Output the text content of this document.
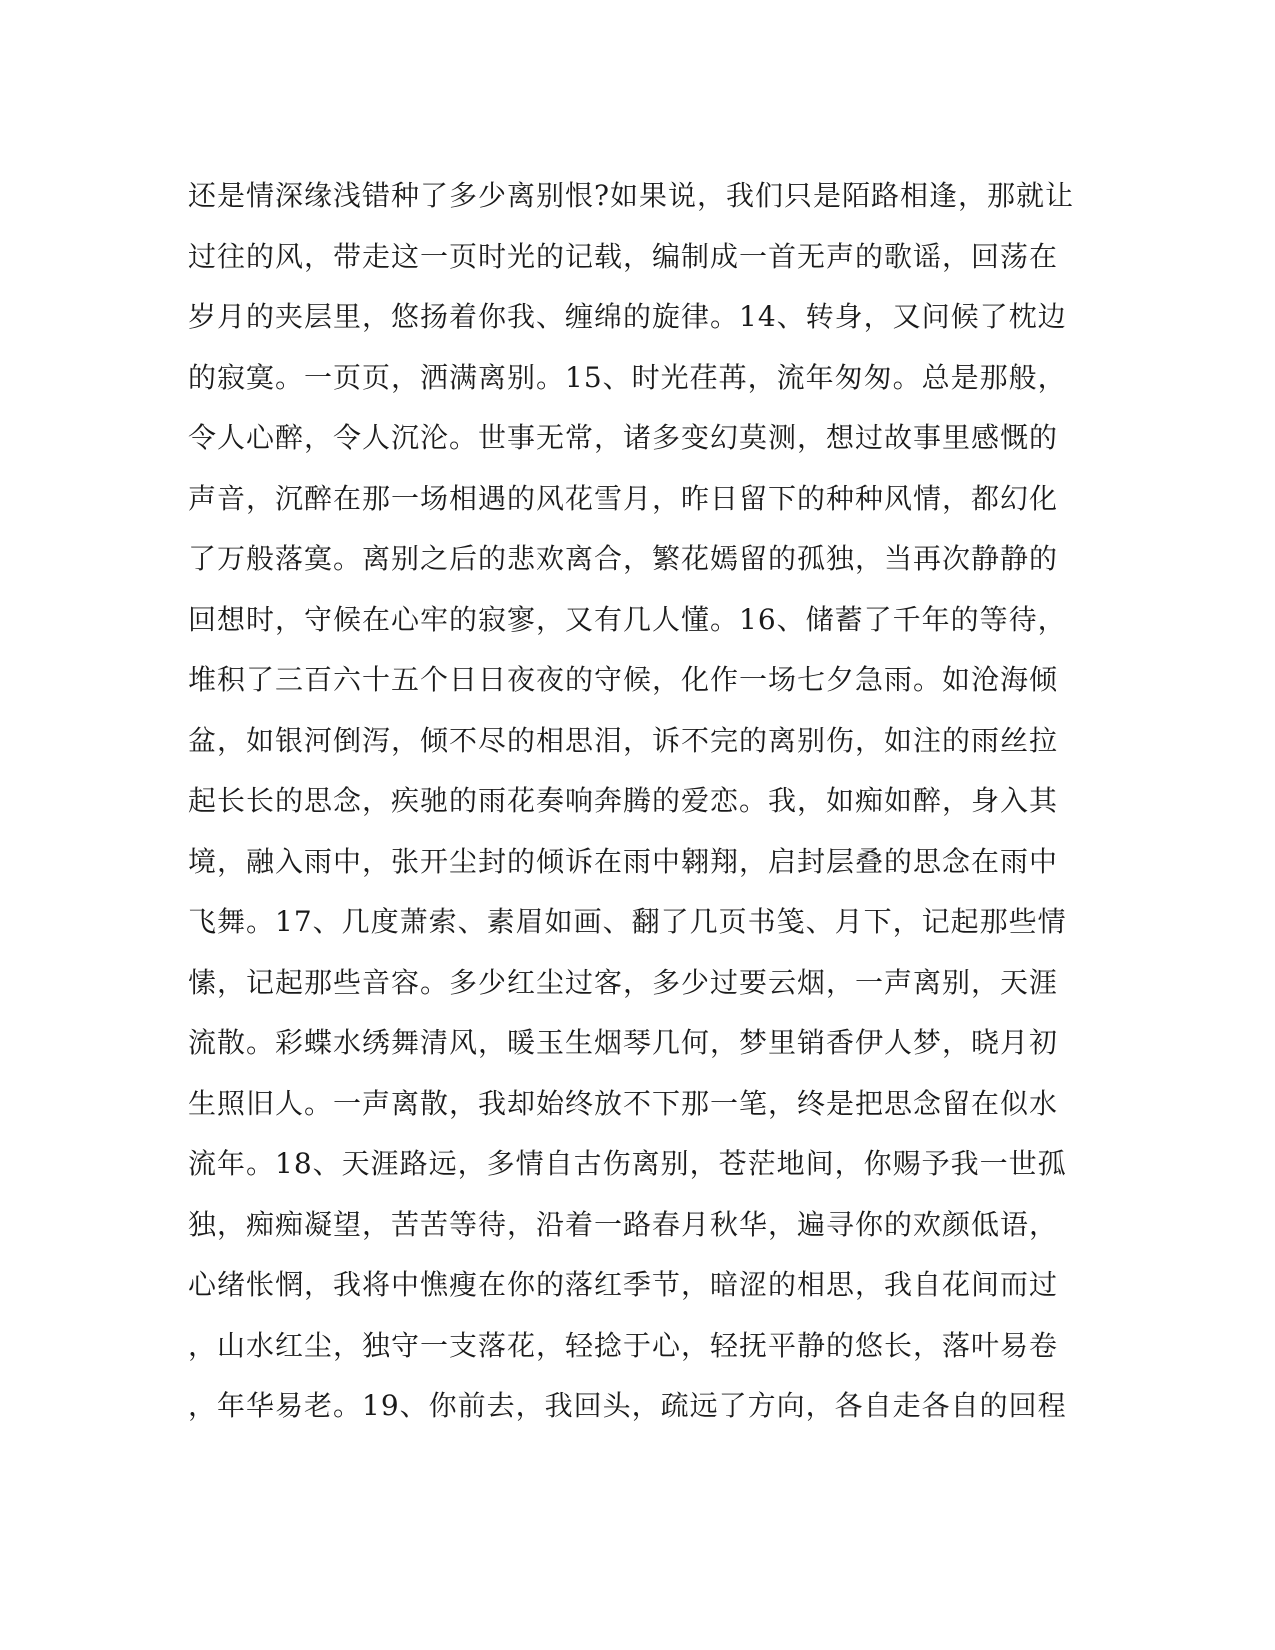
还是情深缘浅错种了多少离别恨?如果说，我们只是陌路相逢，那就让
过往的风，带走这一页时光的记载，编制成一首无声的歌谣，回荡在
岁月的夹层里，悠扬着你我、缠绵的旋律。14、转身，又问候了枕边
的寂寞。一页页，洒满离别。15、时光荏苒，流年匆匆。总是那般，
令人心醉，令人沉沦。世事无常，诸多变幻莫测，想过故事里感慨的
声音，沉醉在那一场相遇的风花雪月，昨日留下的种种风情，都幻化
了万般落寞。离别之后的悲欢离合，繁花嫣留的孤独，当再次静静的
回想时，守候在心牢的寂寥，又有几人懂。16、储蓄了千年的等待，
堆积了三百六十五个日日夜夜的守候，化作一场七夕急雨。如沧海倾
盆，如银河倒泻，倾不尽的相思泪，诉不完的离别伤，如注的雨丝拉
起长长的思念，疾驰的雨花奏响奔腾的爱恋。我，如痴如醉，身入其
境，融入雨中，张开尘封的倾诉在雨中翱翔，启封层叠的思念在雨中
飞舞。17、几度萧索、素眉如画、翻了几页书笺、月下，记起那些情
愫，记起那些音容。多少红尘过客，多少过要云烟，一声离别，天涯
流散。彩蝶水绣舞清风，暖玉生烟琴几何，梦里销香伊人梦，晓月初
生照旧人。一声离散，我却始终放不下那一笔，终是把思念留在似水
流年。18、天涯路远，多情自古伤离别，苍茫地间，你赐予我一世孤
独，痴痴凝望，苦苦等待，沿着一路春月秋华，遍寻你的欢颜低语，
心绪怅惘，我将中憔瘦在你的落红季节，暗涩的相思，我自花间而过
，山水红尘，独守一支落花，轻捻于心，轻抚平静的悠长，落叶易卷
，年华易老。19、你前去，我回头，疏远了方向，各自走各自的回程
